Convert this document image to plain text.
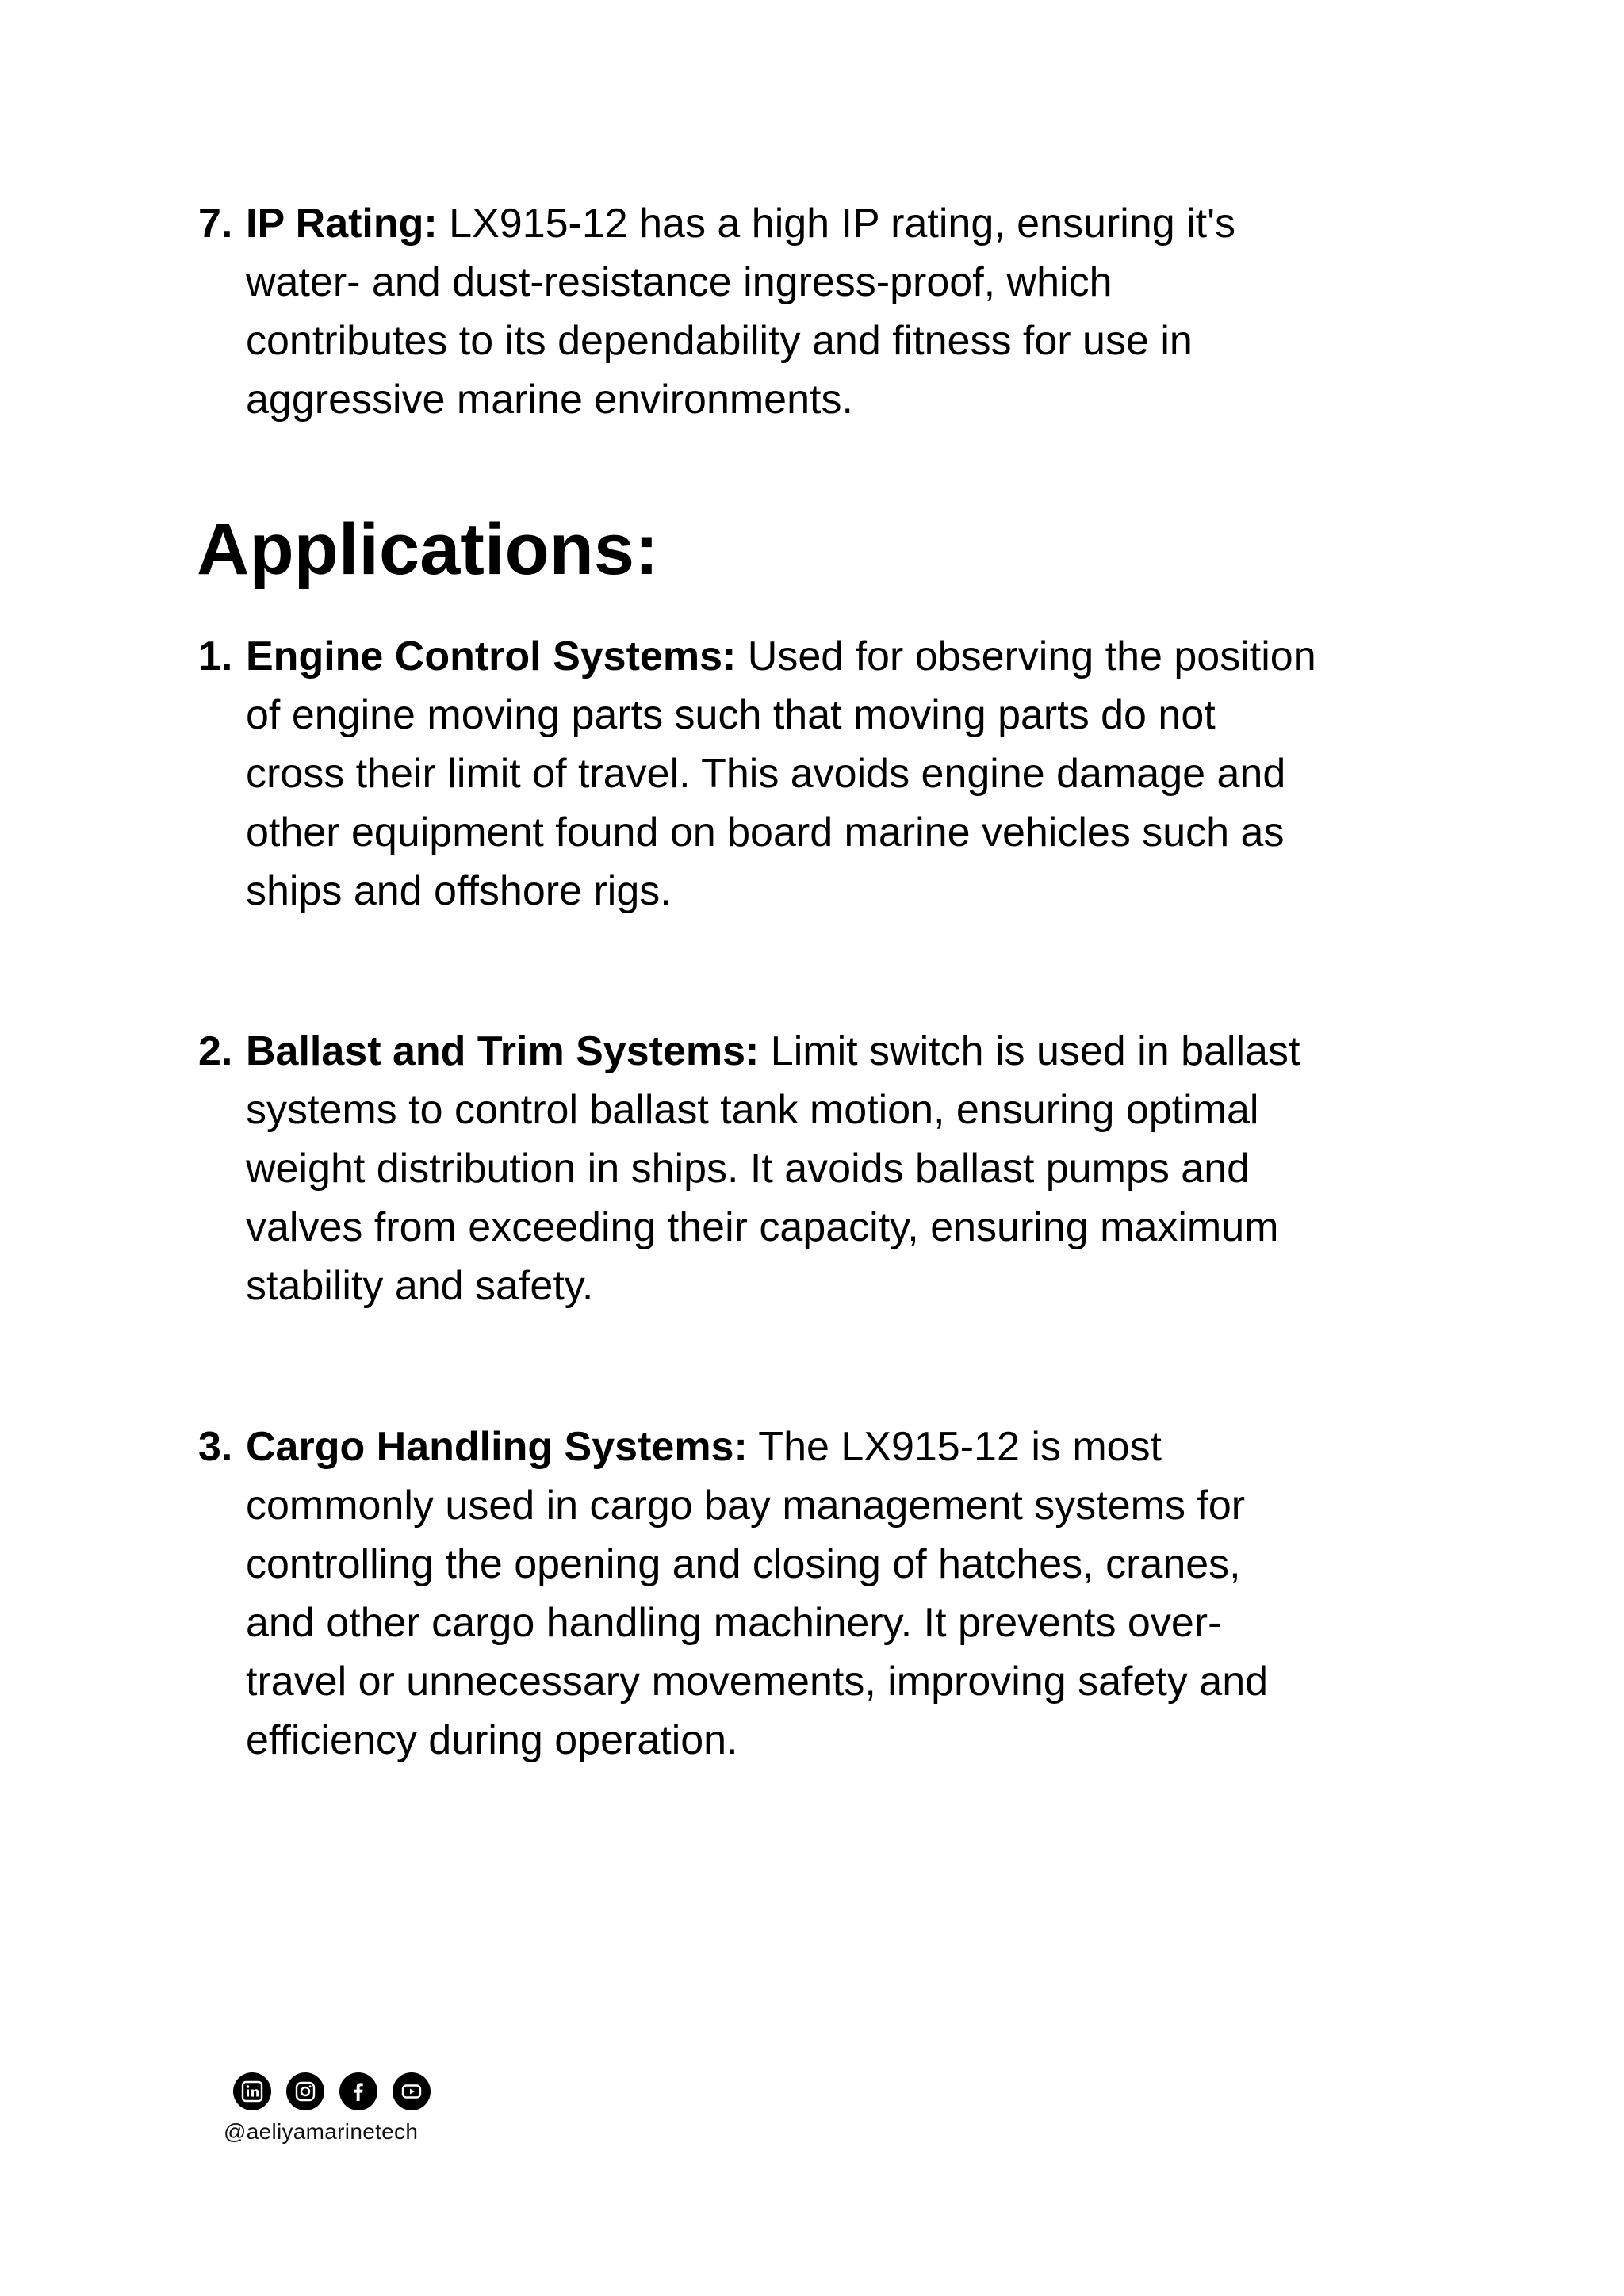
7. IP Rating: LX915-12 has a high IP rating, ensuring it's
water- and dust-resistance ingress-proof, which
contributes to its dependability and fitness for use in
aggressive marine environments.
Applications:
1. Engine Control Systems: Used for observing the position
of engine moving parts such that moving parts do not
cross their limit of travel. This avoids engine damage and
other equipment found on board marine vehicles such as
ships and offshore rigs.
2. Ballast and Trim Systems: Limit switch is used in ballast
systems to control ballast tank motion, ensuring optimal
weight distribution in ships. It avoids ballast pumps and
valves from exceeding their capacity, ensuring maximum
stability and safety.
3. Cargo Handling Systems: The LX915-12 is most
commonly used in cargo bay management systems for
controlling the opening and closing of hatches, cranes,
and other cargo handling machinery. It prevents over-
travel or unnecessary movements, improving safety and
efficiency during operation.
@aeliyamarinetech
